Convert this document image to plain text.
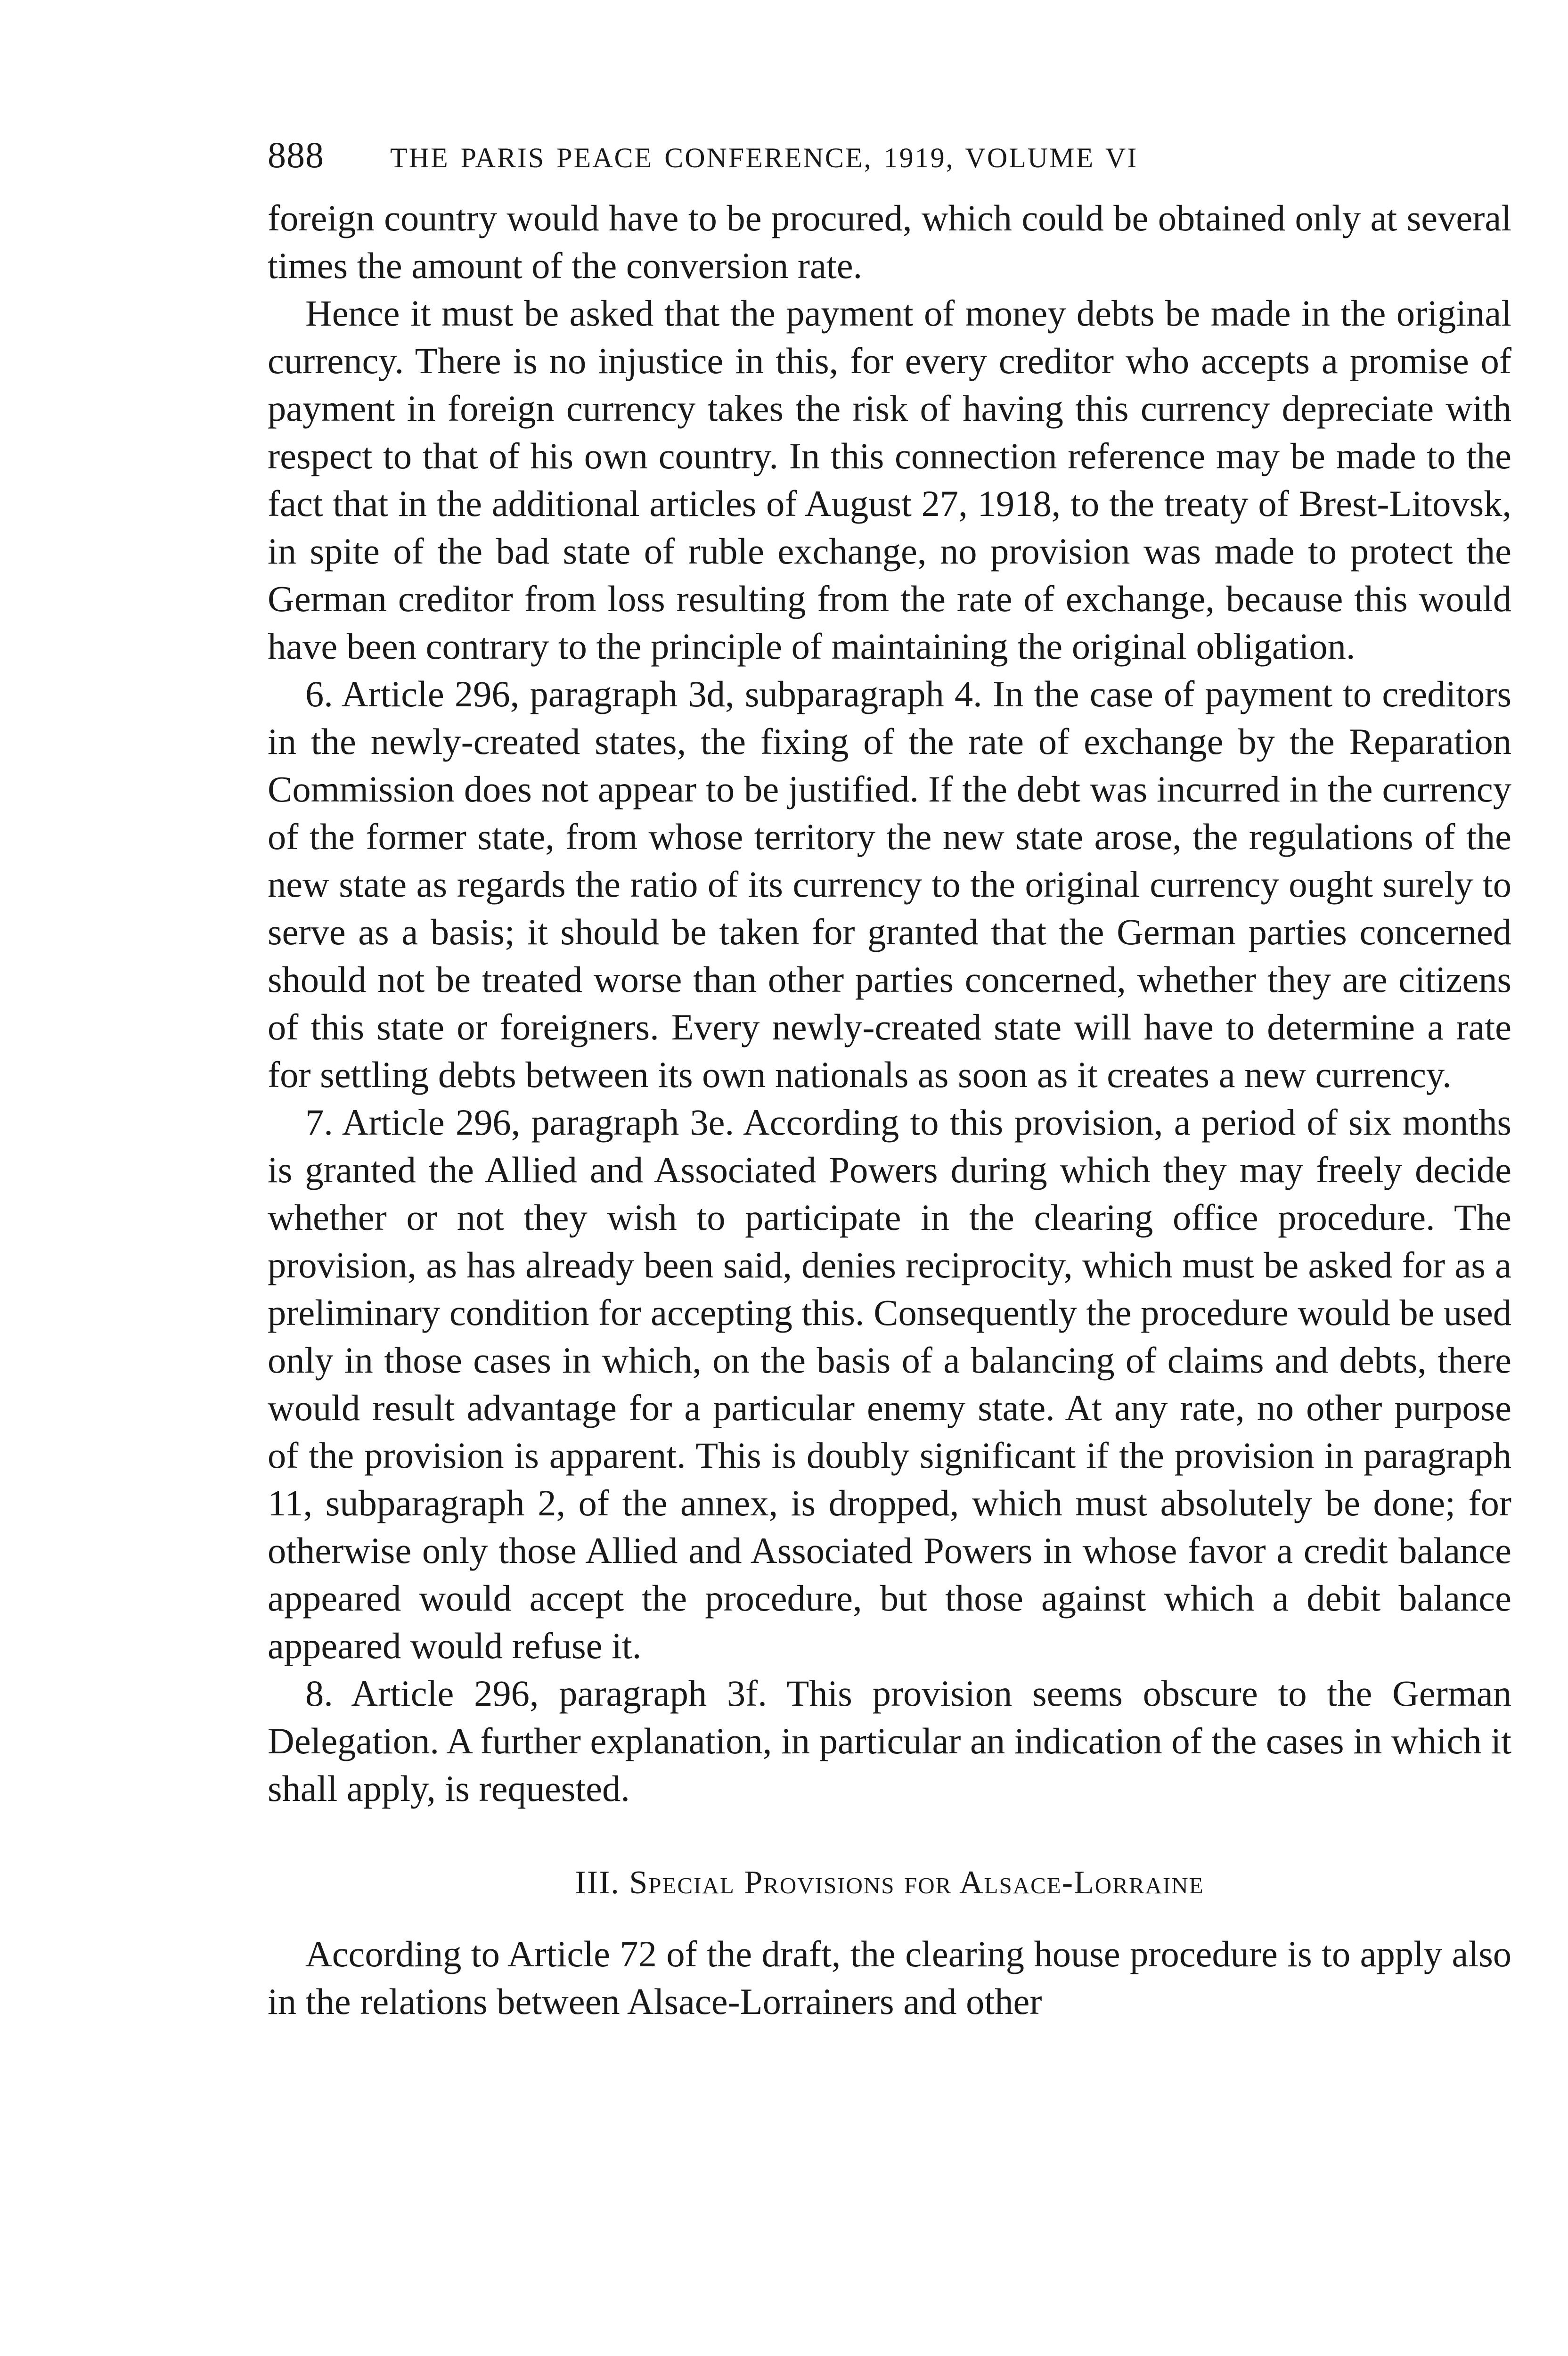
888 THE PARIS PEACE CONFERENCE, 1919, VOLUME VI

foreign country would have to be procured, which could be obtained only at several times the amount of the conversion rate.

Hence it must be asked that the payment of money debts be made in the original currency. There is no injustice in this, for every creditor who accepts a promise of payment in foreign currency takes the risk of having this currency depreciate with respect to that of his own country. In this connection reference may be made to the fact that in the additional articles of August 27, 1918, to the treaty of Brest-Litovsk, in spite of the bad state of ruble exchange, no provision was made to protect the German creditor from loss resulting from the rate of exchange, because this would have been contrary to the principle of maintaining the original obligation.

6. Article 296, paragraph 3d, subparagraph 4. In the case of payment to creditors in the newly-created states, the fixing of the rate of exchange by the Reparation Commission does not appear to be justified. If the debt was incurred in the currency of the former state, from whose territory the new state arose, the regulations of the new state as regards the ratio of its currency to the original currency ought surely to serve as a basis; it should be taken for granted that the German parties concerned should not be treated worse than other parties concerned, whether they are citizens of this state or foreigners. Every newly-created state will have to determine a rate for settling debts between its own nationals as soon as it creates a new currency.

7. Article 296, paragraph 3e. According to this provision, a period of six months is granted the Allied and Associated Powers during which they may freely decide whether or not they wish to participate in the clearing office procedure. The provision, as has already been said, denies reciprocity, which must be asked for as a preliminary condition for accepting this. Consequently the procedure would be used only in those cases in which, on the basis of a balancing of claims and debts, there would result advantage for a particular enemy state. At any rate, no other purpose of the provision is apparent. This is doubly significant if the provision in paragraph 11, subparagraph 2, of the annex, is dropped, which must absolutely be done; for otherwise only those Allied and Associated Powers in whose favor a credit balance appeared would accept the procedure, but those against which a debit balance appeared would refuse it.

8. Article 296, paragraph 3f. This provision seems obscure to the German Delegation. A further explanation, in particular an indication of the cases in which it shall apply, is requested.

III. Special Provisions for Alsace-Lorraine

According to Article 72 of the draft, the clearing house procedure is to apply also in the relations between Alsace-Lorrainers and other
